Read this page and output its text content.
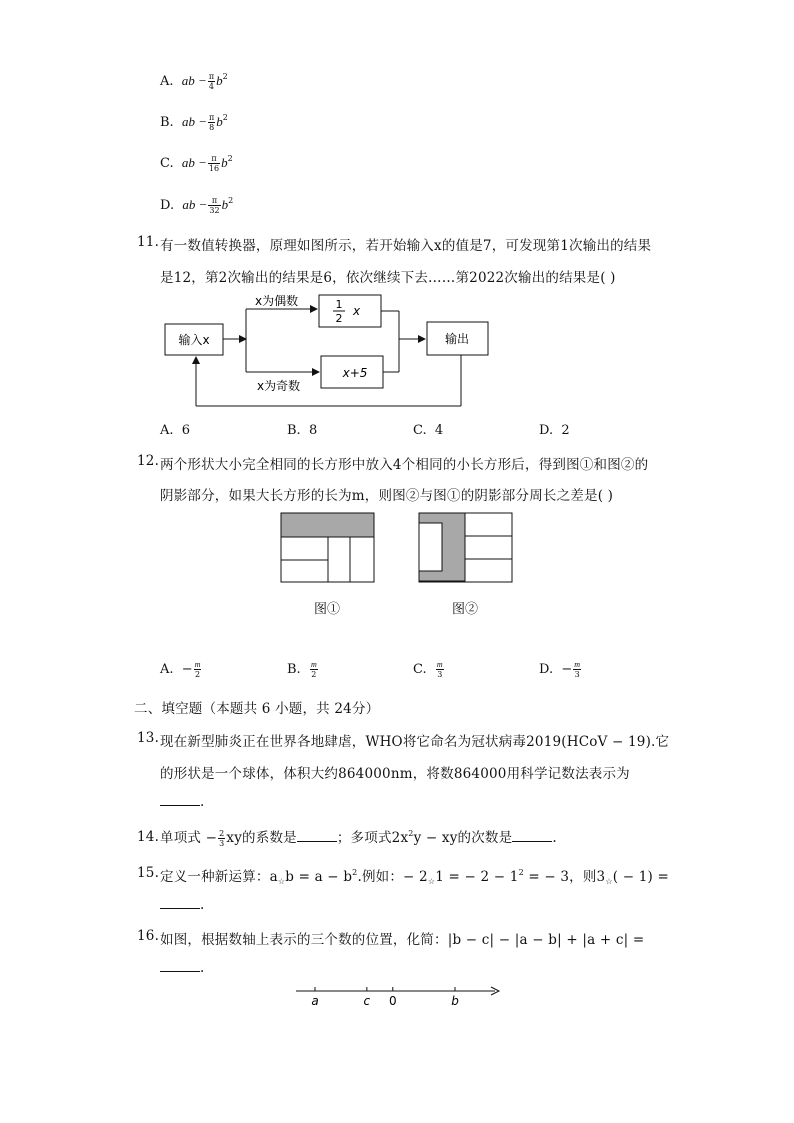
A. ab − $\frac{\pi}{4} b^2$
B. ab − $\frac{\pi}{8} b^2$
C. ab − $\frac{\pi}{16} b^2$
D. ab − $\frac{\pi}{32} b^2$
11. 有一数值转换器，原理如图所示，若开始输入x的值是7，可发现第1次输出的结果
是12，第2次输出的结果是6，依次继续下去……第2022次输出的结果是( )
输入x
x为偶数	1
2
x
x为奇数
x+5
输出
A. 6	B. 8	C. 4	D. 2
12. 两个形状大小完全相同的长方形中放入4个相同的小长方形后，得到图①和图②的
阴影部分，如果大长方形的长为m，则图②与图①的阴影部分周长之差是( )
图①	图②
A. − $\frac{m}{2}$	B. $\frac{m}{2}$	C. $\frac{m}{3}$	D. − $\frac{m}{3}$
二、填空题（本题共 6 小题，共 24分）
13. 现在新型肺炎正在世界各地肆虐，WHO将它命名为冠状病毒2019(HCoV − 19).它
的形状是一个球体，体积大约864000nm，将数864000用科学记数法表示为
.
14. 单项式 − $\frac{2}{3}$ xy的系数是	；多项式$2x^2y$ − xy的次数是	.
15. 定义一种新运算：$a_☆b = a - b^2$.例如：− $2_☆1$ = − $2 - 1^2$ = − 3，则$3_☆( - 1)$ =
.
16. 如图，根据数轴上表示的三个数的位置，化简：|b − c| − |a − b| + |a + c| =
.
a	c 0	b
